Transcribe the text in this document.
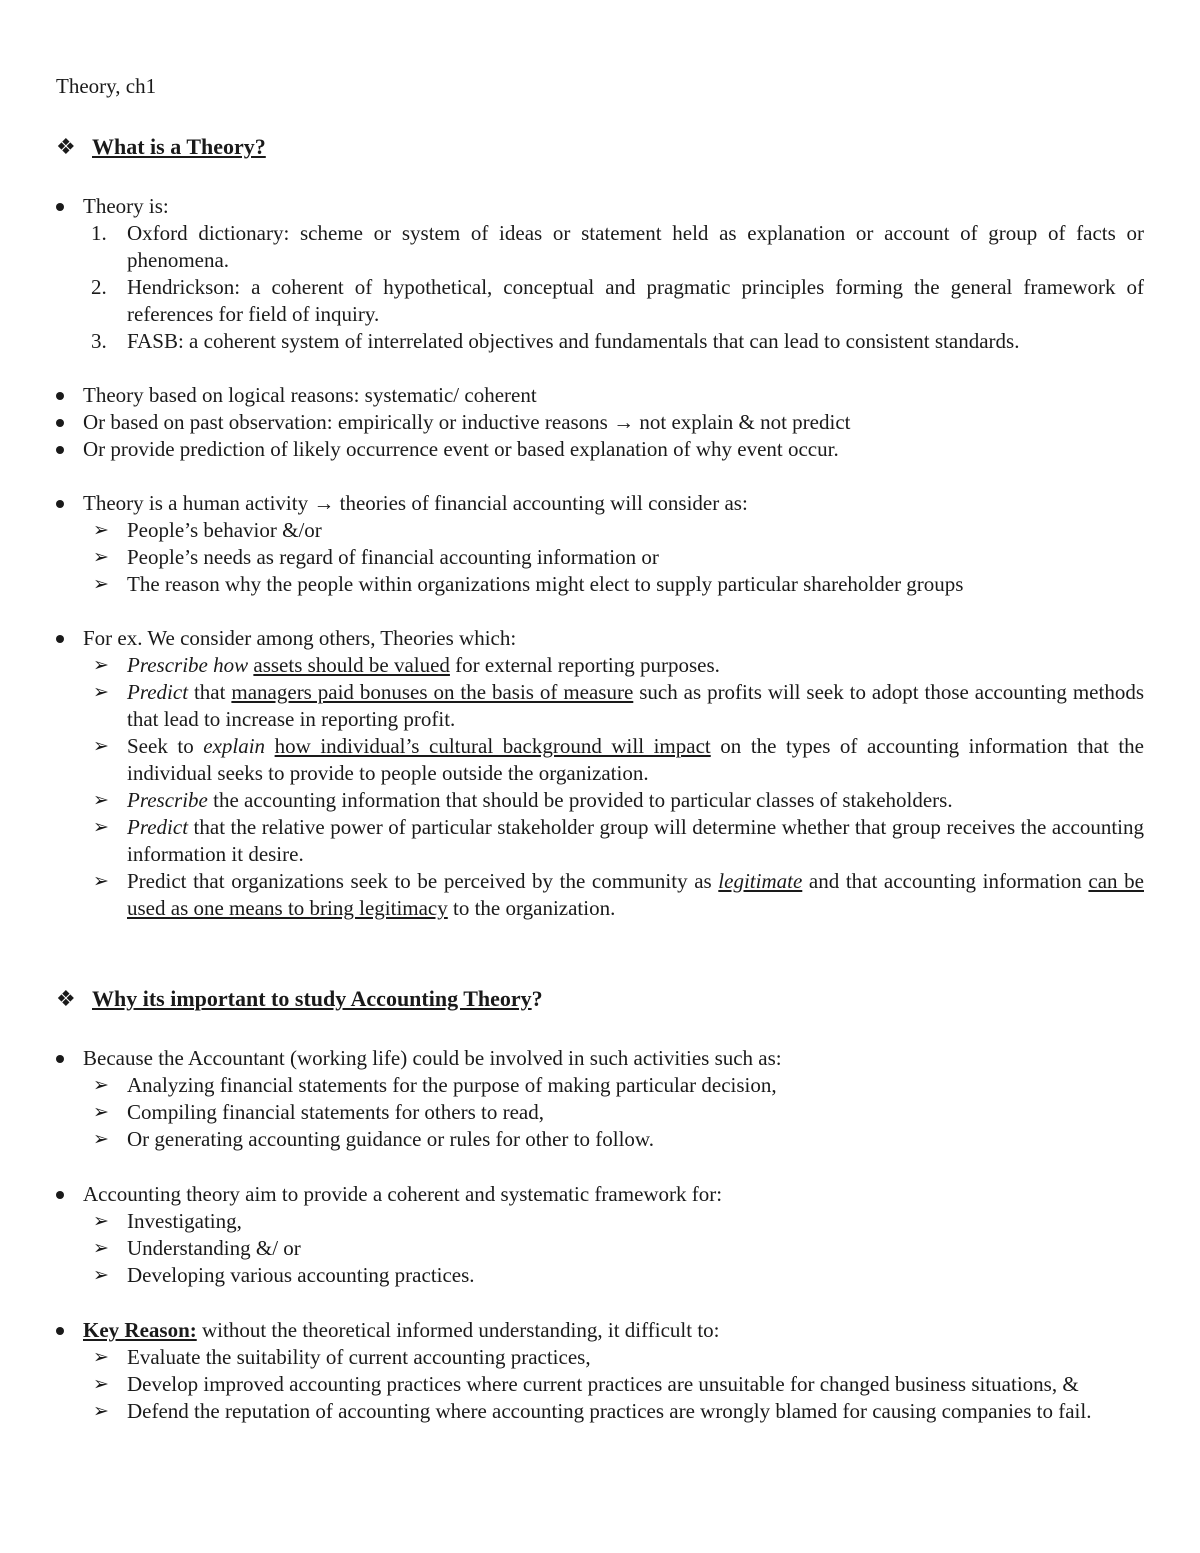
Theory, ch1
❖ What is a Theory?
Theory is:
1. Oxford dictionary: scheme or system of ideas or statement held as explanation or account of group of facts or phenomena.
2. Hendrickson: a coherent of hypothetical, conceptual and pragmatic principles forming the general framework of references for field of inquiry.
3. FASB: a coherent system of interrelated objectives and fundamentals that can lead to consistent standards.
Theory based on logical reasons: systematic/ coherent
Or based on past observation: empirically or inductive reasons → not explain & not predict
Or provide prediction of likely occurrence event or based explanation of why event occur.
Theory is a human activity → theories of financial accounting will consider as:
➢ People’s behavior &/or
➢ People’s needs as regard of financial accounting information or
➢ The reason why the people within organizations might elect to supply particular shareholder groups
For ex. We consider among others, Theories which:
➢ Prescribe how assets should be valued for external reporting purposes.
➢ Predict that managers paid bonuses on the basis of measure such as profits will seek to adopt those accounting methods that lead to increase in reporting profit.
➢ Seek to explain how individual’s cultural background will impact on the types of accounting information that the individual seeks to provide to people outside the organization.
➢ Prescribe the accounting information that should be provided to particular classes of stakeholders.
➢ Predict that the relative power of particular stakeholder group will determine whether that group receives the accounting information it desire.
➢ Predict that organizations seek to be perceived by the community as legitimate and that accounting information can be used as one means to bring legitimacy to the organization.
❖ Why its important to study Accounting Theory?
Because the Accountant (working life) could be involved in such activities such as:
➢ Analyzing financial statements for the purpose of making particular decision,
➢ Compiling financial statements for others to read,
➢ Or generating accounting guidance or rules for other to follow.
Accounting theory aim to provide a coherent and systematic framework for:
➢ Investigating,
➢ Understanding &/ or
➢ Developing various accounting practices.
Key Reason: without the theoretical informed understanding, it difficult to:
➢ Evaluate the suitability of current accounting practices,
➢ Develop improved accounting practices where current practices are unsuitable for changed business situations, &
➢ Defend the reputation of accounting where accounting practices are wrongly blamed for causing companies to fail.
